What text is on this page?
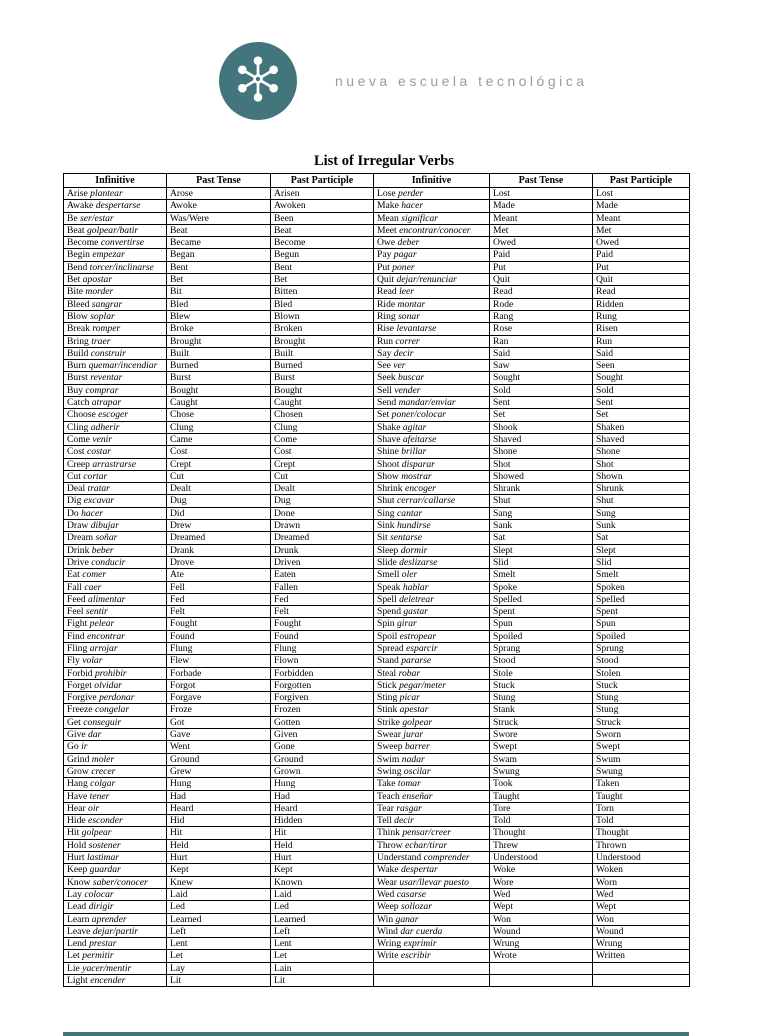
nueva escuela tecnológica
List of Irregular Verbs
Infinitive	Past Tense	Past Participle	Infinitive	Past Tense	Past Participle
Arise plantear	Arose	Arisen	Lose perder	Lost	Lost
Awake despertarse	Awoke	Awoken	Make hacer	Made	Made
Be ser/estar	Was/Were	Been	Mean significar	Meant	Meant
Beat golpear/batir	Beat	Beat	Meet encontrar/conocer	Met	Met
Become convertirse	Became	Become	Owe deber	Owed	Owed
Begin empezar	Began	Begun	Pay pagar	Paid	Paid
Bend torcer/inclinarse	Bent	Bent	Put poner	Put	Put
Bet apostar	Bet	Bet	Quit dejar/renunciar	Quit	Quit
Bite morder	Bit	Bitten	Read leer	Read	Read
Bleed sangrar	Bled	Bled	Ride montar	Rode	Ridden
Blow soplar	Blew	Blown	Ring sonar	Rang	Rung
Break romper	Broke	Broken	Rise levantarse	Rose	Risen
Bring traer	Brought	Brought	Run correr	Ran	Run
Build construir	Built	Built	Say decir	Said	Said
Burn quemar/incendiar	Burned	Burned	See ver	Saw	Seen
Burst reventar	Burst	Burst	Seek buscar	Sought	Sought
Buy comprar	Bought	Bought	Sell vender	Sold	Sold
Catch atrapar	Caught	Caught	Send mandar/enviar	Sent	Sent
Choose escoger	Chose	Chosen	Set poner/colocar	Set	Set
Cling adherir	Clung	Clung	Shake agitar	Shook	Shaken
Come venir	Came	Come	Shave afeitarse	Shaved	Shaved
Cost costar	Cost	Cost	Shine brillar	Shone	Shone
Creep arrastrarse	Crept	Crept	Shoot disparar	Shot	Shot
Cut cortar	Cut	Cut	Show mostrar	Showed	Shown
Deal tratar	Dealt	Dealt	Shrink encoger	Shrank	Shrunk
Dig excavar	Dug	Dug	Shut cerrar/callarse	Shut	Shut
Do hacer	Did	Done	Sing cantar	Sang	Sung
Draw dibujar	Drew	Drawn	Sink hundirse	Sank	Sunk
Dream soñar	Dreamed	Dreamed	Sit sentarse	Sat	Sat
Drink beber	Drank	Drunk	Sleep dormir	Slept	Slept
Drive conducir	Drove	Driven	Slide deslizarse	Slid	Slid
Eat comer	Ate	Eaten	Smell oler	Smelt	Smelt
Fall caer	Fell	Fallen	Speak hablar	Spoke	Spoken
Feed alimentar	Fed	Fed	Spell deletrear	Spelled	Spelled
Feel sentir	Felt	Felt	Spend gastar	Spent	Spent
Fight pelear	Fought	Fought	Spin girar	Spun	Spun
Find encontrar	Found	Found	Spoil estropear	Spoiled	Spoiled
Fling arrojar	Flung	Flung	Spread esparcir	Sprang	Sprung
Fly volar	Flew	Flown	Stand pararse	Stood	Stood
Forbid prohibir	Forbade	Forbidden	Steal robar	Stole	Stolen
Forget olvidar	Forgot	Forgotten	Stick pegar/meter	Stuck	Stuck
Forgive perdonar	Forgave	Forgiven	Sting picar	Stung	Stung
Freeze congelar	Froze	Frozen	Stink apestar	Stank	Stung
Get conseguir	Got	Gotten	Strike golpear	Struck	Struck
Give dar	Gave	Given	Swear jurar	Swore	Sworn
Go ir	Went	Gone	Sweep barrer	Swept	Swept
Grind moler	Ground	Ground	Swim nadar	Swam	Swum
Grow crecer	Grew	Grown	Swing oscilar	Swung	Swung
Hang colgar	Hung	Hung	Take tomar	Took	Taken
Have tener	Had	Had	Teach enseñar	Taught	Taught
Hear oir	Heard	Heard	Tear rasgar	Tore	Torn
Hide esconder	Hid	Hidden	Tell decir	Told	Told
Hit golpear	Hit	Hit	Think pensar/creer	Thought	Thought
Hold sostener	Held	Held	Throw echar/tirar	Threw	Thrown
Hurt lastimar	Hurt	Hurt	Understand comprender	Understood	Understood
Keep guardar	Kept	Kept	Wake despertar	Woke	Woken
Know saber/conocer	Knew	Known	Wear usar/llevar puesto	Wore	Worn
Lay colocar	Laid	Laid	Wed casarse	Wed	Wed
Lead dirigir	Led	Led	Weep sollozar	Wept	Wept
Learn aprender	Learned	Learned	Win ganar	Won	Won
Leave dejar/partir	Left	Left	Wind dar cuerda	Wound	Wound
Lend prestar	Lent	Lent	Wring exprimir	Wrung	Wrung
Let permitir	Let	Let	Write escribir	Wrote	Written
Lie yacer/mentir	Lay	Lain			
Light encender	Lit	Lit			
